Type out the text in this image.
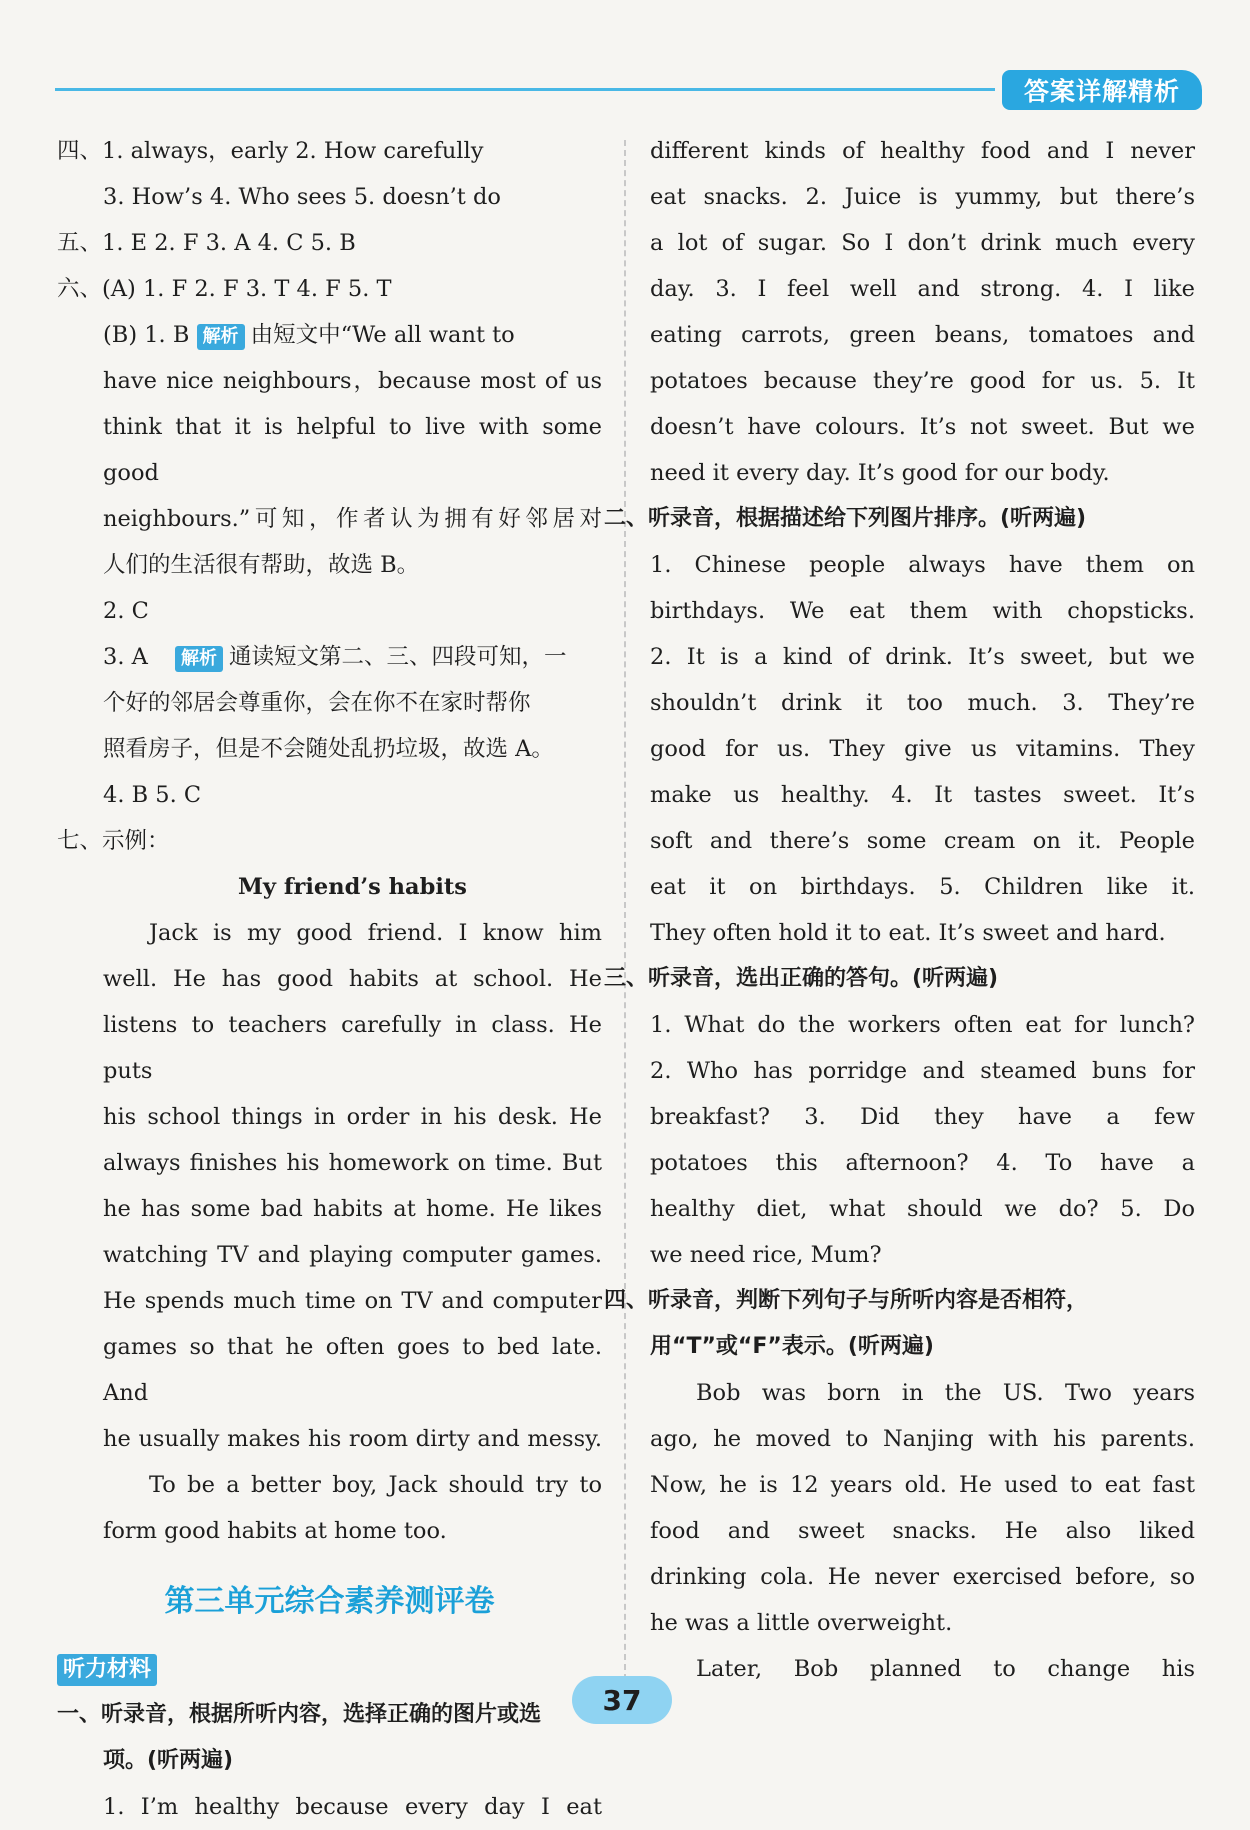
答案详解精析
四、1. always，early 2. How carefully
3. How’s 4. Who sees 5. doesn’t do
五、1. E 2. F 3. A 4. C 5. B
六、(A) 1. F 2. F 3. T 4. F 5. T
(B) 1. B 解析 由短文中“We all want to
have nice neighbours，because most of us
think that it is helpful to live with some good
neighbours.”可知，作者认为拥有好邻居对
人们的生活很有帮助，故选 B。
2. C
3. A 解析 通读短文第二、三、四段可知，一
个好的邻居会尊重你，会在你不在家时帮你
照看房子，但是不会随处乱扔垃圾，故选 A。
4. B 5. C
七、示例：
My friend’s habits
Jack is my good friend. I know him
well. He has good habits at school. He
listens to teachers carefully in class. He puts
his school things in order in his desk. He
always finishes his homework on time. But
he has some bad habits at home. He likes
watching TV and playing computer games.
He spends much time on TV and computer
games so that he often goes to bed late. And
he usually makes his room dirty and messy.
To be a better boy, Jack should try to
form good habits at home too.
第三单元综合素养测评卷
听力材料
一、听录音，根据所听内容，选择正确的图片或选
项。(听两遍)
1. I’m healthy because every day I eat
different kinds of healthy food and I never
eat snacks. 2. Juice is yummy, but there’s
a lot of sugar. So I don’t drink much every
day. 3. I feel well and strong. 4. I like
eating carrots, green beans, tomatoes and
potatoes because they’re good for us. 5. It
doesn’t have colours. It’s not sweet. But we
need it every day. It’s good for our body.
二、听录音，根据描述给下列图片排序。(听两遍)
1. Chinese people always have them on
birthdays. We eat them with chopsticks.
2. It is a kind of drink. It’s sweet, but we
shouldn’t drink it too much. 3. They’re
good for us. They give us vitamins. They
make us healthy. 4. It tastes sweet. It’s
soft and there’s some cream on it. People
eat it on birthdays. 5. Children like it.
They often hold it to eat. It’s sweet and hard.
三、听录音，选出正确的答句。(听两遍)
1. What do the workers often eat for lunch?
2. Who has porridge and steamed buns for
breakfast? 3. Did they have a few
potatoes this afternoon? 4. To have a
healthy diet, what should we do? 5. Do
we need rice, Mum?
四、听录音，判断下列句子与所听内容是否相符，
用“T”或“F”表示。(听两遍)
Bob was born in the US. Two years
ago, he moved to Nanjing with his parents.
Now, he is 12 years old. He used to eat fast
food and sweet snacks. He also liked
drinking cola. He never exercised before, so
he was a little overweight.
Later, Bob planned to change his
37
